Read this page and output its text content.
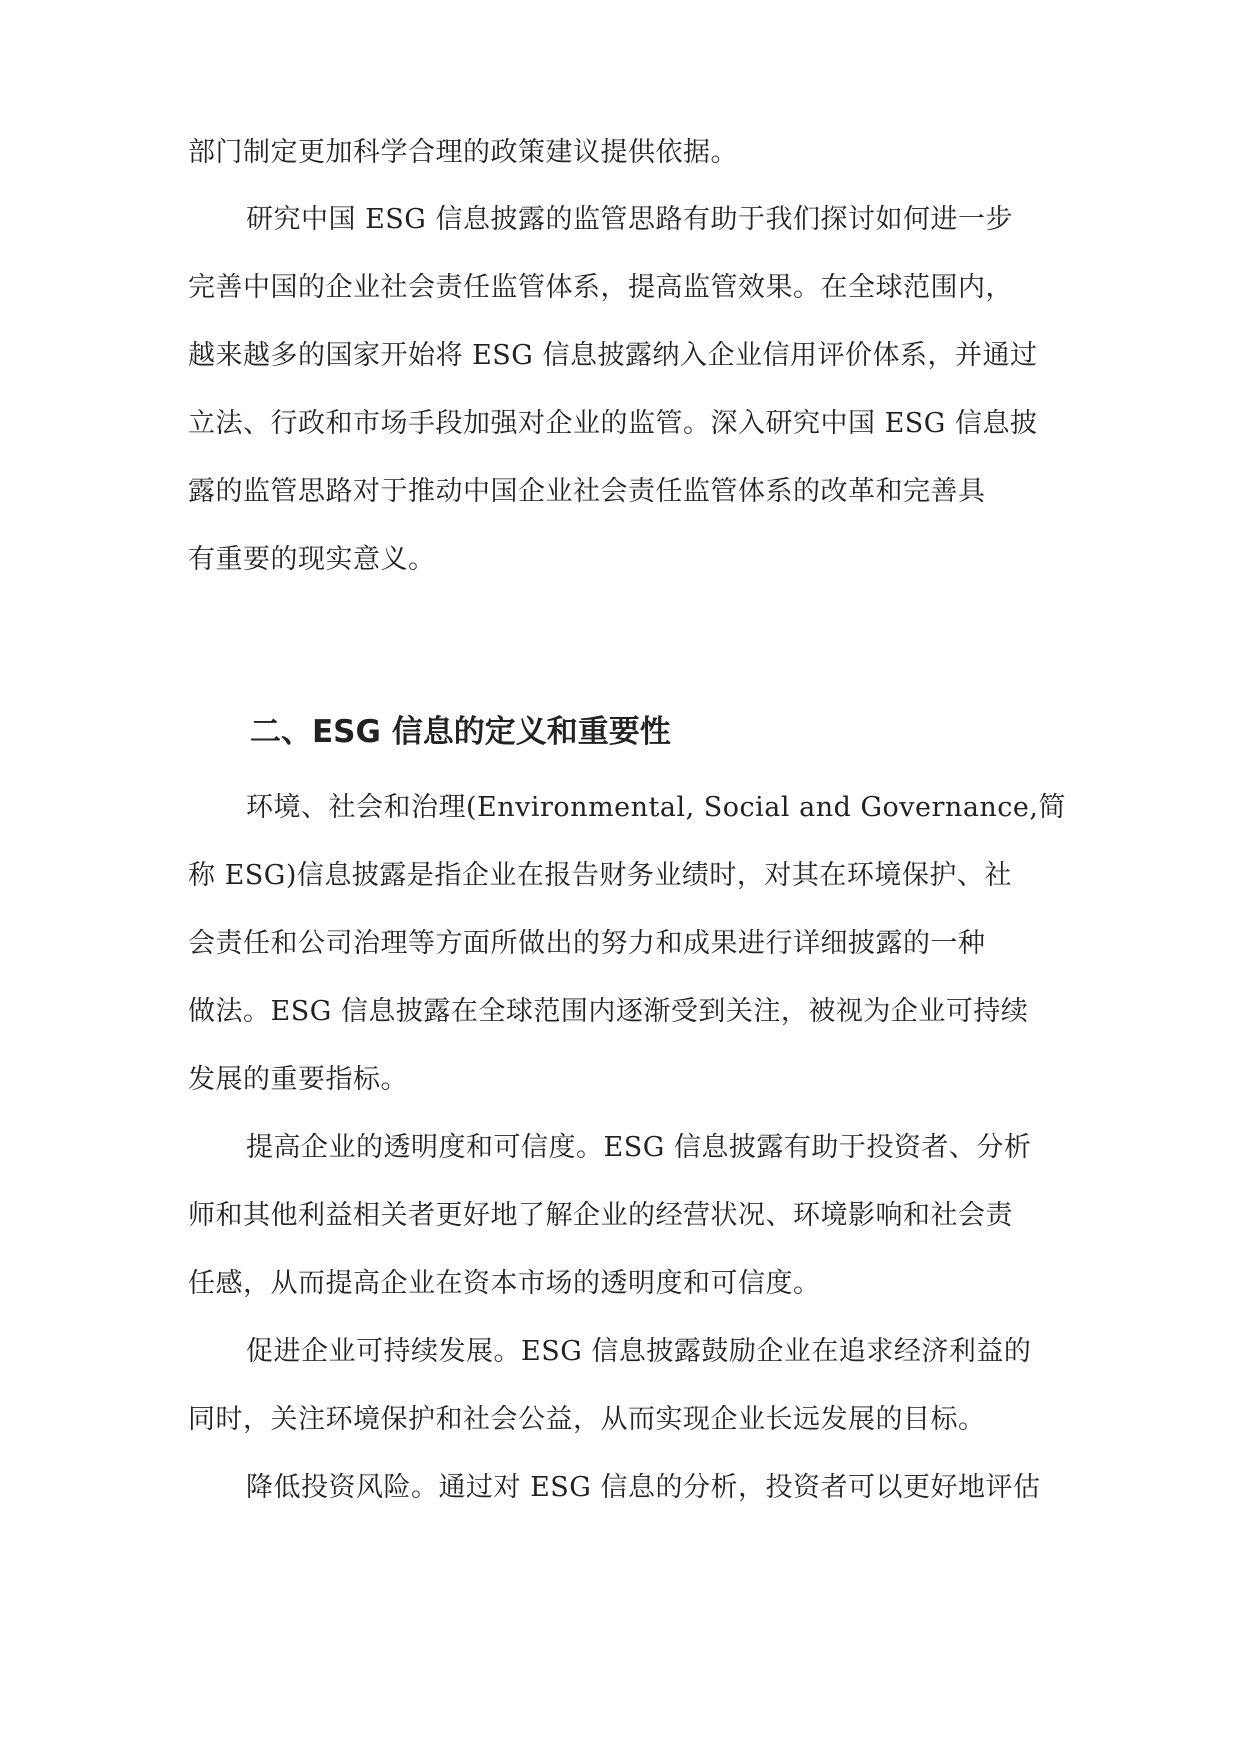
部门制定更加科学合理的政策建议提供依据。
研究中国 ESG 信息披露的监管思路有助于我们探讨如何进一步
完善中国的企业社会责任监管体系，提高监管效果。在全球范围内，
越来越多的国家开始将 ESG 信息披露纳入企业信用评价体系，并通过
立法、行政和市场手段加强对企业的监管。深入研究中国 ESG 信息披
露的监管思路对于推动中国企业社会责任监管体系的改革和完善具
有重要的现实意义。
二、ESG 信息的定义和重要性
环境、社会和治理(Environmental, Social and Governance,简
称 ESG)信息披露是指企业在报告财务业绩时，对其在环境保护、社
会责任和公司治理等方面所做出的努力和成果进行详细披露的一种
做法。ESG 信息披露在全球范围内逐渐受到关注，被视为企业可持续
发展的重要指标。
提高企业的透明度和可信度。ESG 信息披露有助于投资者、分析
师和其他利益相关者更好地了解企业的经营状况、环境影响和社会责
任感，从而提高企业在资本市场的透明度和可信度。
促进企业可持续发展。ESG 信息披露鼓励企业在追求经济利益的
同时，关注环境保护和社会公益，从而实现企业长远发展的目标。
降低投资风险。通过对 ESG 信息的分析，投资者可以更好地评估
